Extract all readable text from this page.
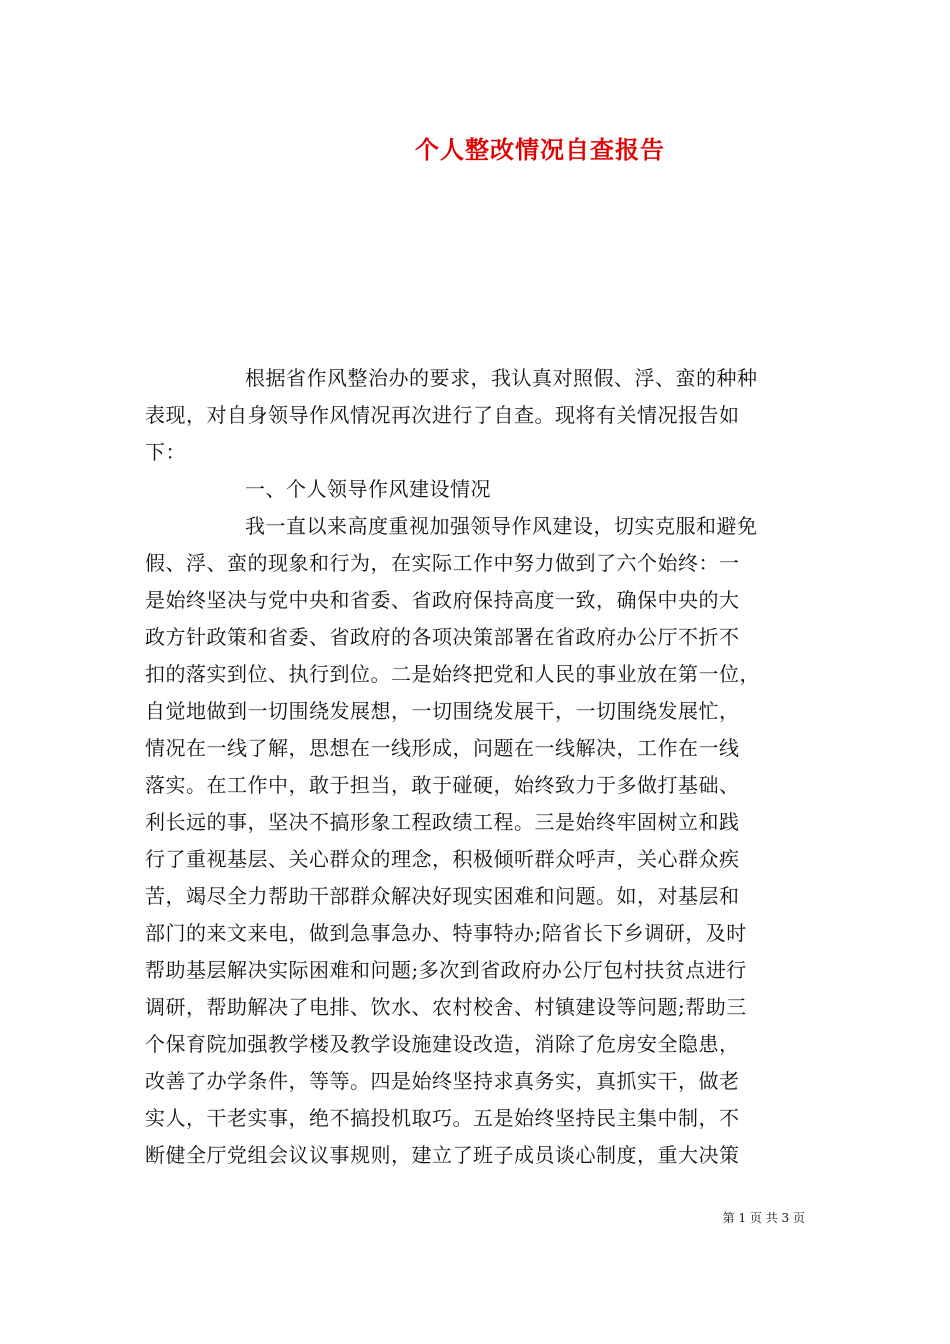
个人整改情况自查报告
根据省作风整治办的要求，我认真对照假、浮、蛮的种种
表现，对自身领导作风情况再次进行了自查。现将有关情况报告如
下：
一、个人领导作风建设情况
我一直以来高度重视加强领导作风建设，切实克服和避免
假、浮、蛮的现象和行为，在实际工作中努力做到了六个始终：一
是始终坚决与党中央和省委、省政府保持高度一致，确保中央的大
政方针政策和省委、省政府的各项决策部署在省政府办公厅不折不
扣的落实到位、执行到位。二是始终把党和人民的事业放在第一位，
自觉地做到一切围绕发展想，一切围绕发展干，一切围绕发展忙，
情况在一线了解，思想在一线形成，问题在一线解决，工作在一线
落实。在工作中，敢于担当，敢于碰硬，始终致力于多做打基础、
利长远的事，坚决不搞形象工程政绩工程。三是始终牢固树立和践
行了重视基层、关心群众的理念，积极倾听群众呼声，关心群众疾
苦，竭尽全力帮助干部群众解决好现实困难和问题。如，对基层和
部门的来文来电，做到急事急办、特事特办;陪省长下乡调研，及时
帮助基层解决实际困难和问题;多次到省政府办公厅包村扶贫点进行
调研，帮助解决了电排、饮水、农村校舍、村镇建设等问题;帮助三
个保育院加强教学楼及教学设施建设改造，消除了危房安全隐患，
改善了办学条件，等等。四是始终坚持求真务实，真抓实干，做老
实人，干老实事，绝不搞投机取巧。五是始终坚持民主集中制，不
断健全厅党组会议议事规则，建立了班子成员谈心制度，重大决策
第 1 页 共 3 页
